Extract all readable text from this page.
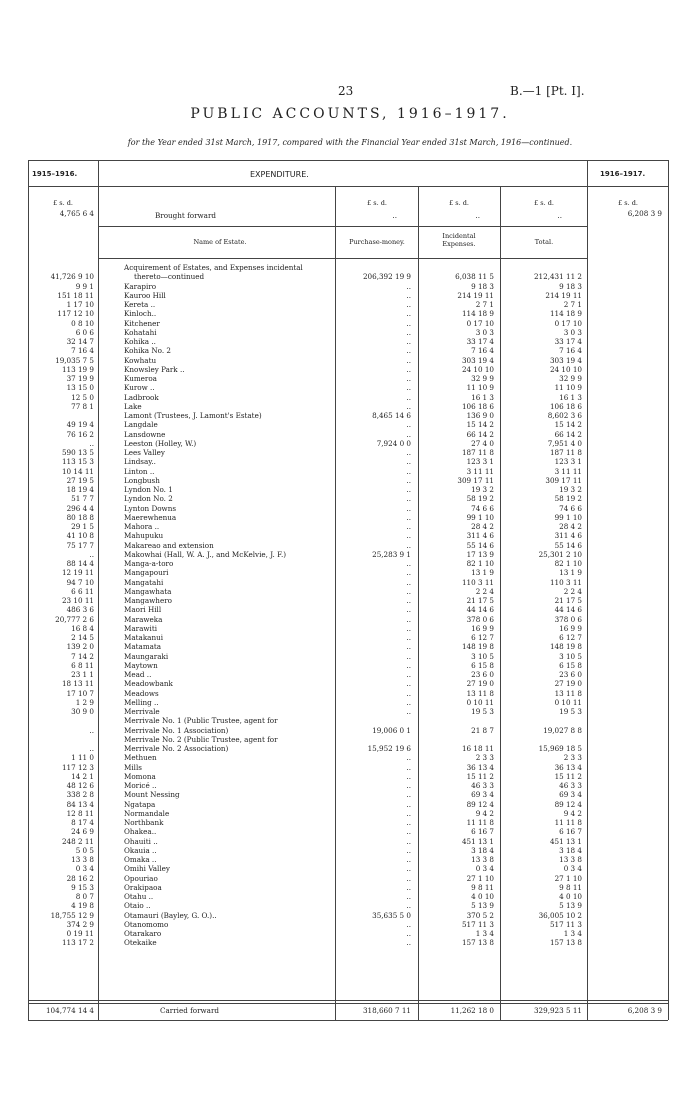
23	B.—1 [Pt. I].
PUBLIC ACCOUNTS, 1916–1917.
for the Year ended 31st March, 1917, compared with the Financial Year ended 31st March, 1916—continued.
1915–1916.	EXPENDITURE.	1916–1917.
£ s. d.	£ s. d.	£ s. d.	£ s. d.	£ s. d.
4,765 6 4	Brought forward	..	..	..	6,208 3 9
Name of Estate.	Purchase-money.
Incidental Expenses.	Total.
Acquirement of Estates, and Expenses incidental
41,726 9 10	thereto—continued	206,392 19 9	6,038 11 5	212,431 11 2
9 9 1	Karapiro	..	9 18 3	9 18 3
151 18 11	Kauroo Hill	..	214 19 11	214 19 11
1 17 10	Kereta ..	..	2 7 1	2 7 1
117 12 10	Kinloch..	..	114 18 9	114 18 9
0 8 10	Kitchener	..	0 17 10	0 17 10
6 0 6	Kohatahi	..	3 0 3	3 0 3
32 14 7	Kohika ..	..	33 17 4	33 17 4
7 16 4	Kohika No. 2	..	7 16 4	7 16 4
19,035 7 5	Kowhatu	..	303 19 4	303 19 4
113 19 9	Knowsley Park ..	..	24 10 10	24 10 10
37 19 9	Kumeroa	..	32 9 9	32 9 9
13 15 0	Kurow ..	..	11 10 9	11 10 9
12 5 0	Ladbrook	..	16 1 3	16 1 3
77 8 1	Lake	..	106 18 6	106 18 6
Lamont (Trustees, J. Lamont's Estate)	8,465 14 6	136 9 0	8,602 3 6
49 19 4	Langdale	..	15 14 2	15 14 2
76 16 2	Lansdowne	..	66 14 2	66 14 2
..	Leeston (Holley, W.)	7,924 0 0	27 4 0	7,951 4 0
590 13 5	Lees Valley	..	187 11 8	187 11 8
113 15 3	Lindsay..	..	123 3 1	123 3 1
10 14 11	Linton ..	..	3 11 11	3 11 11
27 19 5	Longbush	..	309 17 11	309 17 11
18 19 4	Lyndon No. 1	..	19 3 2	19 3 2
51 7 7	Lyndon No. 2	..	58 19 2	58 19 2
296 4 4	Lynton Downs	..	74 6 6	74 6 6
80 18 8	Maerewhenua	..	99 1 10	99 1 10
29 1 5	Mahora ..	..	28 4 2	28 4 2
41 10 8	Mahupuku	..	311 4 6	311 4 6
75 17 7	Makareao and extension	..	55 14 6	55 14 6
..	Makowhai (Hall, W. A. J., and McKelvie, J. F.)	25,283 9 1	17 13 9	25,301 2 10
88 14 4	Manga-a-toro	..	82 1 10	82 1 10
12 19 11	Mangapouri	..	13 1 9	13 1 9
94 7 10	Mangatahi	..	110 3 11	110 3 11
6 6 11	Mangawhata	..	2 2 4	2 2 4
23 10 11	Mangawhero	..	21 17 5	21 17 5
486 3 6	Maori Hill	..	44 14 6	44 14 6
20,777 2 6	Maraweka	..	378 0 6	378 0 6
16 8 4	Marawiti	..	16 9 9	16 9 9
2 14 5	Matakanui	..	6 12 7	6 12 7
139 2 0	Matamata	..	148 19 8	148 19 8
7 14 2	Maungaraki	..	3 10 5	3 10 5
6 8 11	Maytown	..	6 15 8	6 15 8
23 1 1	Mead ..	..	23 6 0	23 6 0
18 13 11	Meadowbank	..	27 19 0	27 19 0
17 10 7	Meadows	..	13 11 8	13 11 8
1 2 9	Melling ..	..	0 10 11	0 10 11
30 9 0	Merrivale	..	19 5 3	19 5 3
Merrivale No. 1 (Public Trustee, agent for
..	Merrivale No. 1 Association)	19,006 0 1	21 8 7	19,027 8 8
Merrivale No. 2 (Public Trustee, agent for
..	Merrivale No. 2 Association)	15,952 19 6	16 18 11	15,969 18 5
1 11 0	Methuen	..	2 3 3	2 3 3
117 12 3	Mills	..	36 13 4	36 13 4
14 2 1	Momona	..	15 11 2	15 11 2
48 12 6	Moricé ..	..	46 3 3	46 3 3
338 2 8	Mount Nessing	..	69 3 4	69 3 4
84 13 4	Ngatapa	..	89 12 4	89 12 4
12 8 11	Normandale	..	9 4 2	9 4 2
8 17 4	Northbank	..	11 11 8	11 11 8
24 6 9	Ohakea..	..	6 16 7	6 16 7
248 2 11	Ohauiti ..	..	451 13 1	451 13 1
5 0 5	Okauia ..	..	3 18 4	3 18 4
13 3 8	Omaka ..	..	13 3 8	13 3 8
0 3 4	Omihi Valley	..	0 3 4	0 3 4
28 16 2	Opouriao	..	27 1 10	27 1 10
9 15 3	Orakipaoa	..	9 8 11	9 8 11
8 0 7	Otahu ..	..	4 0 10	4 0 10
4 19 8	Otaio ..	..	5 13 9	5 13 9
18,755 12 9	Otamauri (Bayley, G. O.)..	35,635 5 0	370 5 2	36,005 10 2
374 2 9	Otanomomo	..	517 11 3	517 11 3
0 19 11	Otarakaro	..	1 3 4	1 3 4
113 17 2	Otekaike	..	157 13 8	157 13 8
104,774 14 4	Carried forward	318,660 7 11	11,262 18 0	329,923 5 11	6,208 3 9
